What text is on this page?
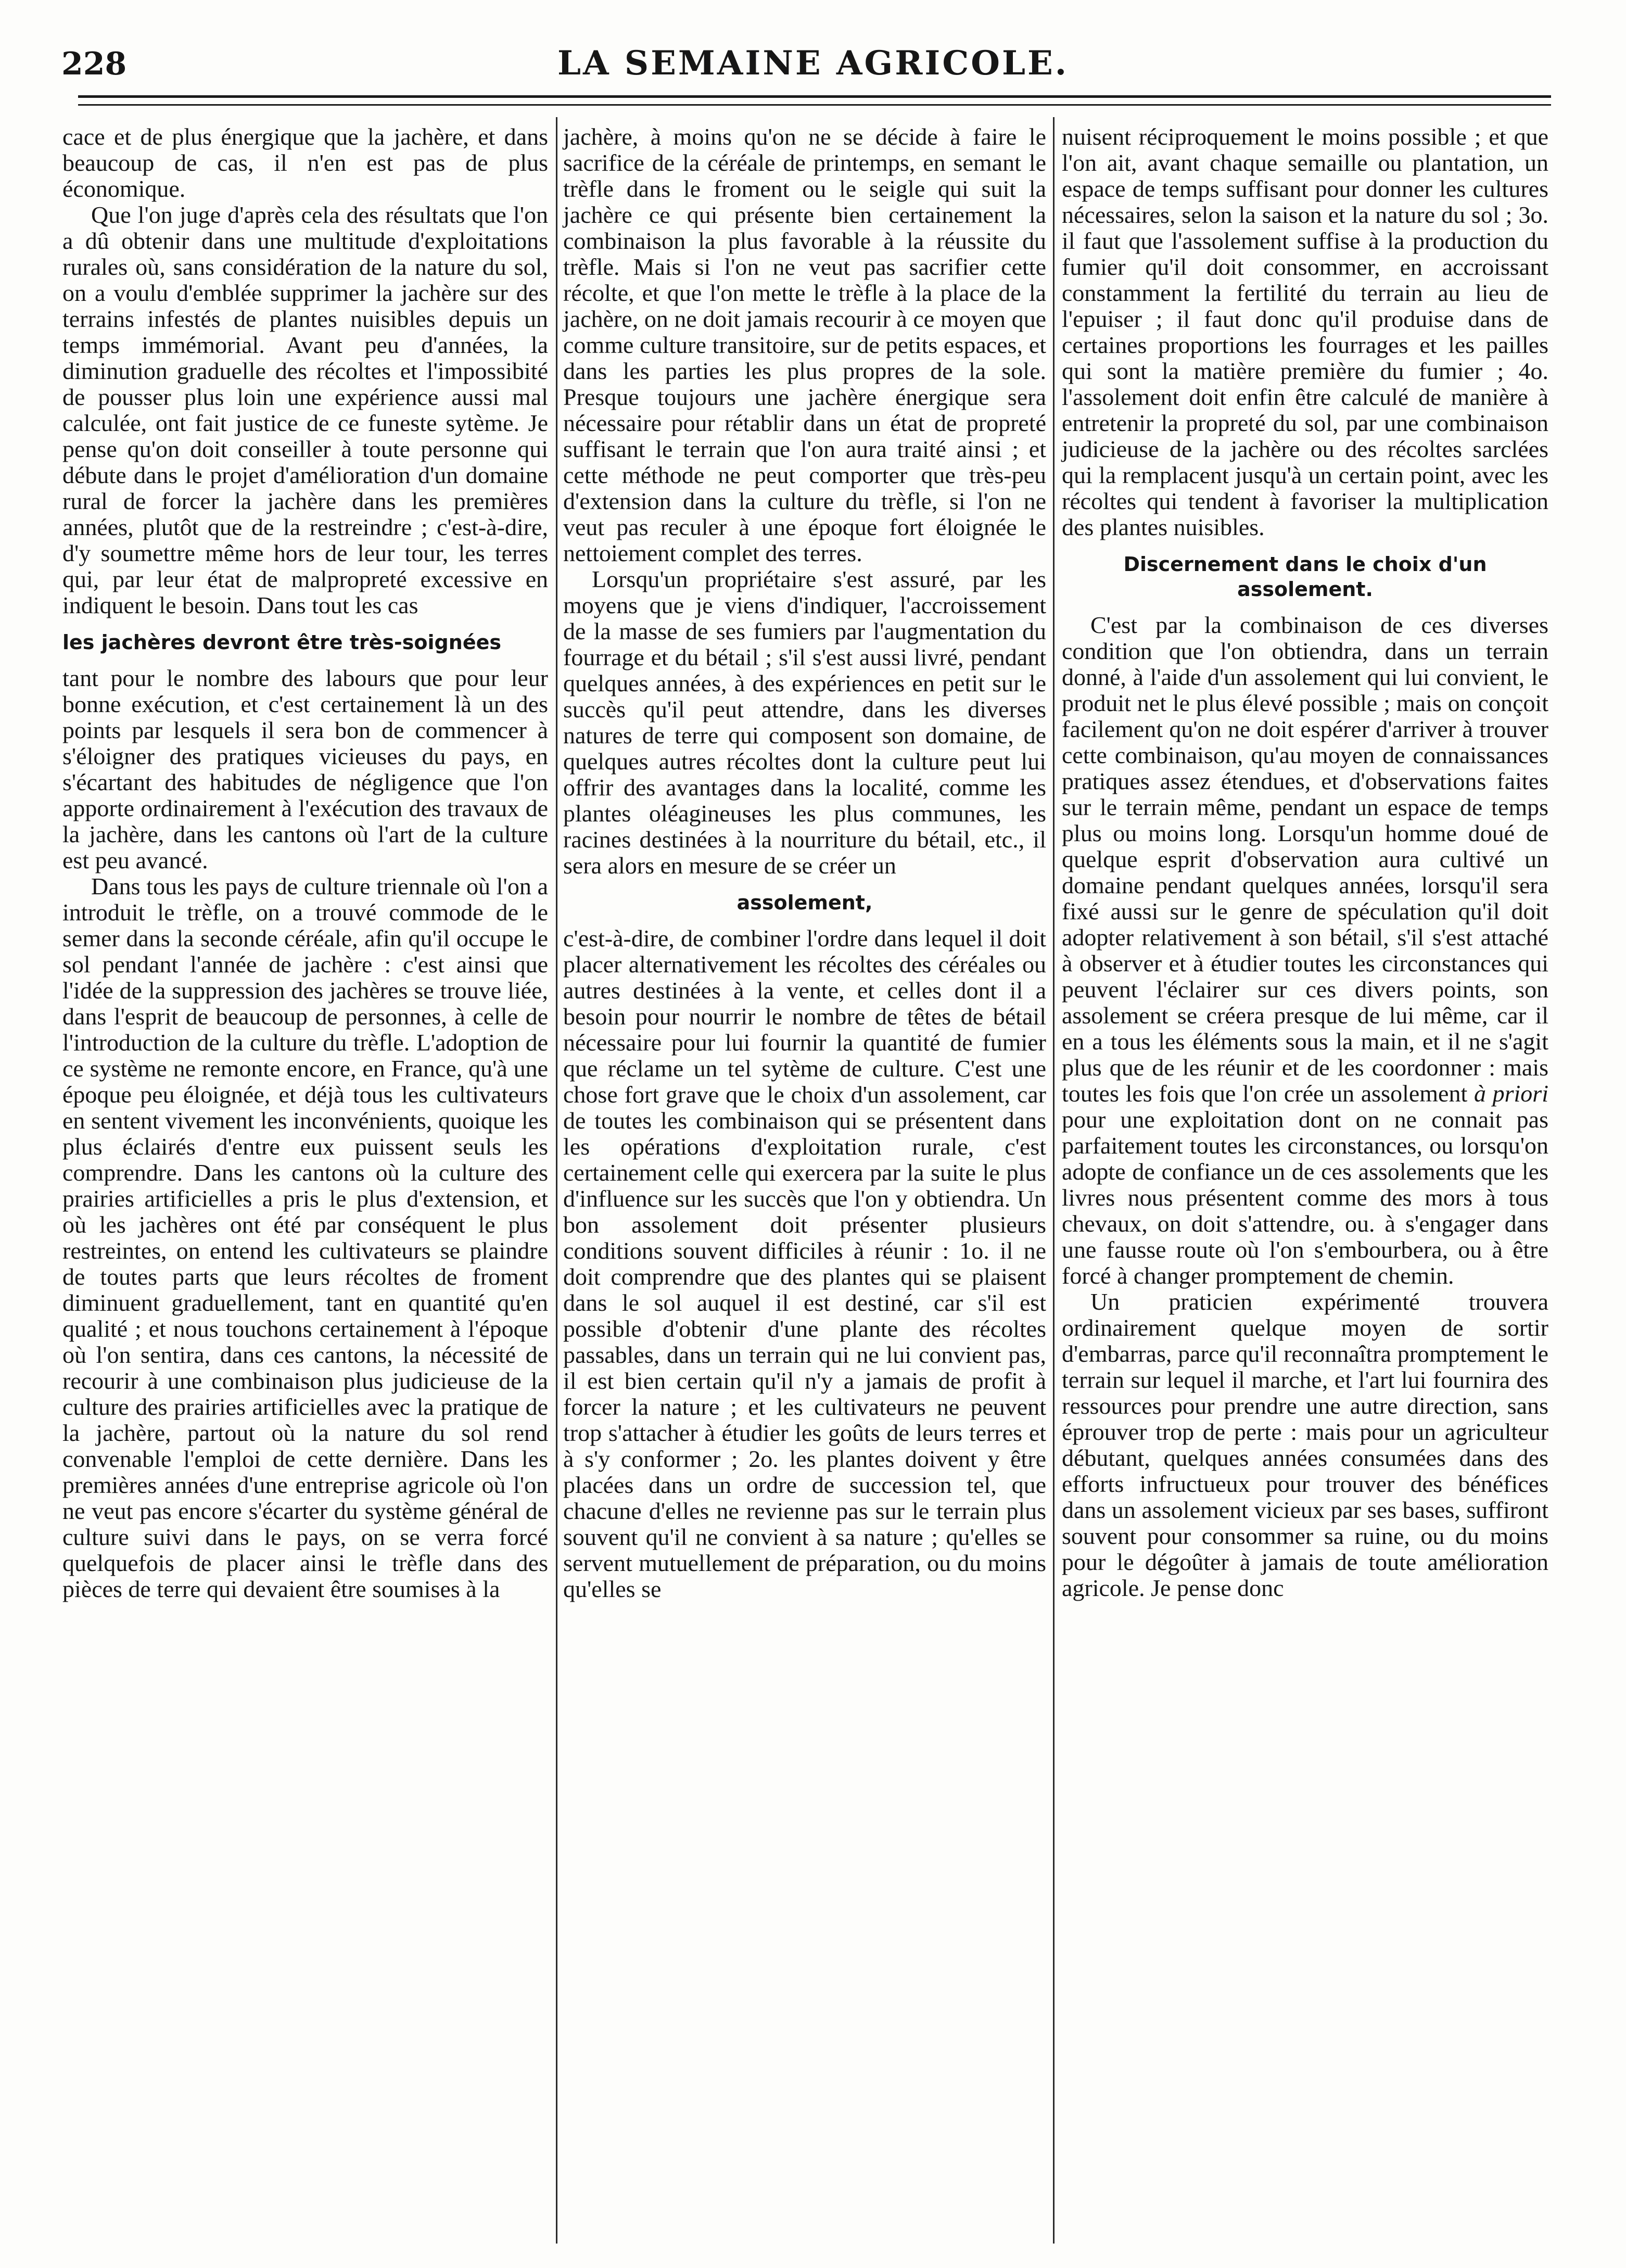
228	LA SEMAINE AGRICOLE.

cace et de plus énergique que la jachère, et dans beaucoup de cas, il n'en est pas de plus économique.

Que l'on juge d'après cela des résultats que l'on a dû obtenir dans une multitude d'exploitations rurales où, sans considération de la nature du sol, on a voulu d'emblée supprimer la jachère sur des terrains infestés de plantes nuisibles depuis un temps immémorial. Avant peu d'années, la diminution graduelle des récoltes et l'impossibité de pousser plus loin une expérience aussi mal calculée, ont fait justice de ce funeste sytème. Je pense qu'on doit conseiller à toute personne qui débute dans le projet d'amélioration d'un domaine rural de forcer la jachère dans les premières années, plutôt que de la restreindre ; c'est-à-dire, d'y soumettre même hors de leur tour, les terres qui, par leur état de malpropreté excessive en indiquent le besoin. Dans tout les cas

les jachères devront être très-soignées

tant pour le nombre des labours que pour leur bonne exécution, et c'est certainement là un des points par lesquels il sera bon de commencer à s'éloigner des pratiques vicieuses du pays, en s'écartant des habitudes de négligence que l'on apporte ordinairement à l'exécution des travaux de la jachère, dans les cantons où l'art de la culture est peu avancé.

Dans tous les pays de culture triennale où l'on a introduit le trèfle, on a trouvé commode de le semer dans la seconde céréale, afin qu'il occupe le sol pendant l'année de jachère : c'est ainsi que l'idée de la suppression des jachères se trouve liée, dans l'esprit de beaucoup de personnes, à celle de l'introduction de la culture du trèfle. L'adoption de ce système ne remonte encore, en France, qu'à une époque peu éloignée, et déjà tous les cultivateurs en sentent vivement les inconvénients, quoique les plus éclairés d'entre eux puissent seuls les comprendre. Dans les cantons où la culture des prairies artificielles a pris le plus d'extension, et où les jachères ont été par conséquent le plus restreintes, on entend les cultivateurs se plaindre de toutes parts que leurs récoltes de froment diminuent graduellement, tant en quantité qu'en qualité ; et nous touchons certainement à l'époque où l'on sentira, dans ces cantons, la nécessité de recourir à une combinaison plus judicieuse de la culture des prairies artificielles avec la pratique de la jachère, partout où la nature du sol rend convenable l'emploi de cette dernière. Dans les premières années d'une entreprise agricole où l'on ne veut pas encore s'écarter du système général de culture suivi dans le pays, on se verra forcé quelquefois de placer ainsi le trèfle dans des pièces de terre qui devaient être soumises à la

jachère, à moins qu'on ne se décide à faire le sacrifice de la céréale de printemps, en semant le trèfle dans le froment ou le seigle qui suit la jachère ce qui présente bien certainement la combinaison la plus favorable à la réussite du trèfle. Mais si l'on ne veut pas sacrifier cette récolte, et que l'on mette le trèfle à la place de la jachère, on ne doit jamais recourir à ce moyen que comme culture transitoire, sur de petits espaces, et dans les parties les plus propres de la sole. Presque toujours une jachère énergique sera nécessaire pour rétablir dans un état de propreté suffisant le terrain que l'on aura traité ainsi ; et cette méthode ne peut comporter que très-peu d'extension dans la culture du trèfle, si l'on ne veut pas reculer à une époque fort éloignée le nettoiement complet des terres.

Lorsqu'un propriétaire s'est assuré, par les moyens que je viens d'indiquer, l'accroissement de la masse de ses fumiers par l'augmentation du fourrage et du bétail ; s'il s'est aussi livré, pendant quelques années, à des expériences en petit sur le succès qu'il peut attendre, dans les diverses natures de terre qui composent son domaine, de quelques autres récoltes dont la culture peut lui offrir des avantages dans la localité, comme les plantes oléagineuses les plus communes, les racines destinées à la nourriture du bétail, etc., il sera alors en mesure de se créer un

assolement,

c'est-à-dire, de combiner l'ordre dans lequel il doit placer alternativement les récoltes des céréales ou autres destinées à la vente, et celles dont il a besoin pour nourrir le nombre de têtes de bétail nécessaire pour lui fournir la quantité de fumier que réclame un tel sytème de culture. C'est une chose fort grave que le choix d'un assolement, car de toutes les combinaison qui se présentent dans les opérations d'exploitation rurale, c'est certainement celle qui exercera par la suite le plus d'influence sur les succès que l'on y obtiendra. Un bon assolement doit présenter plusieurs conditions souvent difficiles à réunir : 1o. il ne doit comprendre que des plantes qui se plaisent dans le sol auquel il est destiné, car s'il est possible d'obtenir d'une plante des récoltes passables, dans un terrain qui ne lui convient pas, il est bien certain qu'il n'y a jamais de profit à forcer la nature ; et les cultivateurs ne peuvent trop s'attacher à étudier les goûts de leurs terres et à s'y conformer ; 2o. les plantes doivent y être placées dans un ordre de succession tel, que chacune d'elles ne revienne pas sur le terrain plus souvent qu'il ne convient à sa nature ; qu'elles se servent mutuellement de préparation, ou du moins qu'elles se

nuisent réciproquement le moins possible ; et que l'on ait, avant chaque semaille ou plantation, un espace de temps suffisant pour donner les cultures nécessaires, selon la saison et la nature du sol ; 3o. il faut que l'assolement suffise à la production du fumier qu'il doit consommer, en accroissant constamment la fertilité du terrain au lieu de l'epuiser ; il faut donc qu'il produise dans de certaines proportions les fourrages et les pailles qui sont la matière première du fumier ; 4o. l'assolement doit enfin être calculé de manière à entretenir la propreté du sol, par une combinaison judicieuse de la jachère ou des récoltes sarclées qui la remplacent jusqu'à un certain point, avec les récoltes qui tendent à favoriser la multiplication des plantes nuisibles.

Discernement dans le choix d'un assolement.

C'est par la combinaison de ces diverses condition que l'on obtiendra, dans un terrain donné, à l'aide d'un assolement qui lui convient, le produit net le plus élevé possible ; mais on conçoit facilement qu'on ne doit espérer d'arriver à trouver cette combinaison, qu'au moyen de connaissances pratiques assez étendues, et d'observations faites sur le terrain même, pendant un espace de temps plus ou moins long. Lorsqu'un homme doué de quelque esprit d'observation aura cultivé un domaine pendant quelques années, lorsqu'il sera fixé aussi sur le genre de spéculation qu'il doit adopter relativement à son bétail, s'il s'est attaché à observer et à étudier toutes les circonstances qui peuvent l'éclairer sur ces divers points, son assolement se créera presque de lui même, car il en a tous les éléments sous la main, et il ne s'agit plus que de les réunir et de les coordonner : mais toutes les fois que l'on crée un assolement à priori pour une exploitation dont on ne connait pas parfaitement toutes les circonstances, ou lorsqu'on adopte de confiance un de ces assolements que les livres nous présentent comme des mors à tous chevaux, on doit s'attendre, ou. à s'engager dans une fausse route où l'on s'embourbera, ou à être forcé à changer promptement de chemin.

Un praticien expérimenté trouvera ordinairement quelque moyen de sortir d'embarras, parce qu'il reconnaîtra promptement le terrain sur lequel il marche, et l'art lui fournira des ressources pour prendre une autre direction, sans éprouver trop de perte : mais pour un agriculteur débutant, quelques années consumées dans des efforts infructueux pour trouver des bénéfices dans un assolement vicieux par ses bases, suffiront souvent pour consommer sa ruine, ou du moins pour le dégoûter à jamais de toute amélioration agricole. Je pense donc
